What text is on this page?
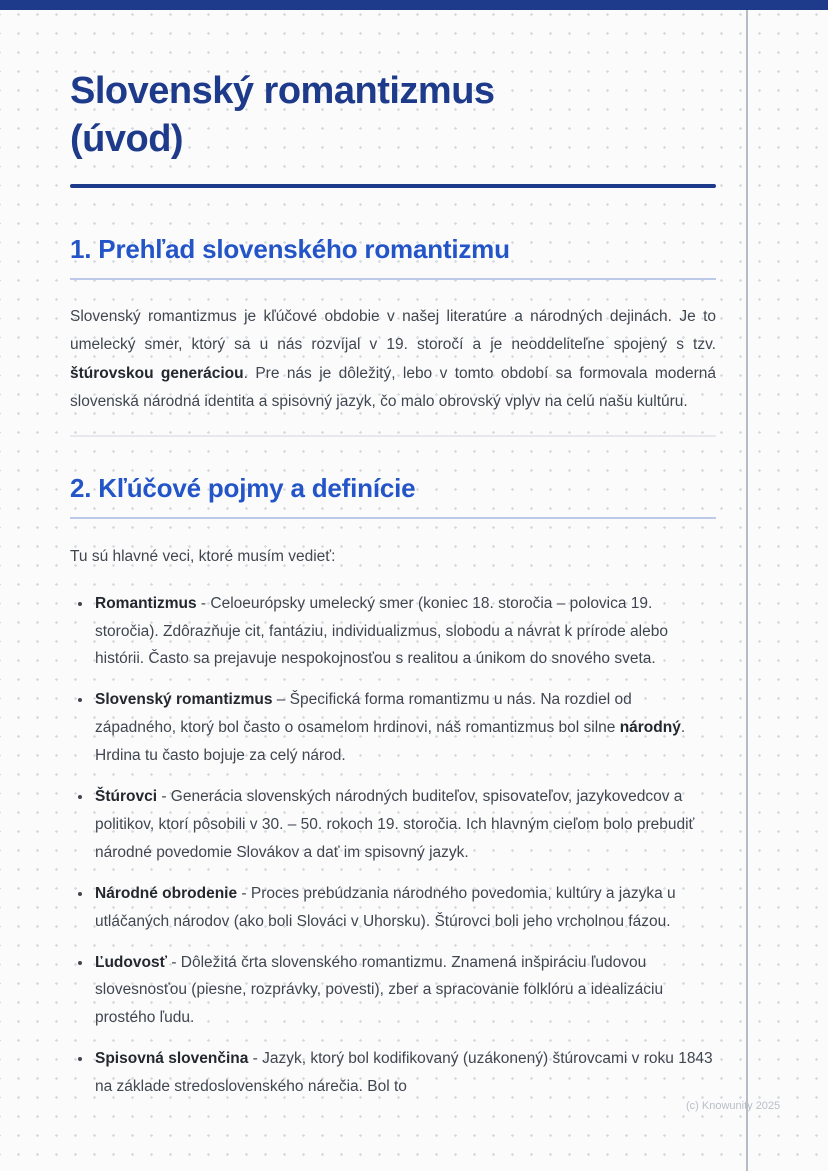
Slovenský romantizmus
(úvod)
1. Prehľad slovenského romantizmu

Slovenský romantizmus je kľúčové obdobie v našej literatúre a národných dejinách. Je to umelecký smer, ktorý sa u nás rozvíjal v 19. storočí a je neoddeliteľne spojený s tzv. štúrovskou generáciou. Pre nás je dôležitý, lebo v tomto období sa formovala moderná slovenská národná identita a spisovný jazyk, čo malo obrovský vplyv na celú našu kultúru.

2. Kľúčové pojmy a definície

Tu sú hlavné veci, ktoré musím vedieť:

• Romantizmus - Celoeurópsky umelecký smer (koniec 18. storočia – polovica 19. storočia). Zdôrazňuje cit, fantáziu, individualizmus, slobodu a návrat k prírode alebo histórii. Často sa prejavuje nespokojnosťou s realitou a únikom do snového sveta.
• Slovenský romantizmus – Špecifická forma romantizmu u nás. Na rozdiel od západného, ktorý bol často o osamelom hrdinovi, náš romantizmus bol silne národný. Hrdina tu často bojuje za celý národ.
• Štúrovci - Generácia slovenských národných buditeľov, spisovateľov, jazykovedcov a politikov, ktorí pôsobili v 30. – 50. rokoch 19. storočia. Ich hlavným cieľom bolo prebudiť národné povedomie Slovákov a dať im spisovný jazyk.
• Národné obrodenie - Proces prebúdzania národného povedomia, kultúry a jazyka u utláčaných národov (ako boli Slováci v Uhorsku). Štúrovci boli jeho vrcholnou fázou.
• Ľudovosť - Dôležitá črta slovenského romantizmu. Znamená inšpiráciu ľudovou slovesnosťou (piesne, rozprávky, povesti), zber a spracovanie folklóru a idealizáciu prostého ľudu.
• Spisovná slovenčina - Jazyk, ktorý bol kodifikovaný (uzákonený) štúrovcami v roku 1843 na základe stredoslovenského nárečia. Bol to
(c) Knowunity 2025
